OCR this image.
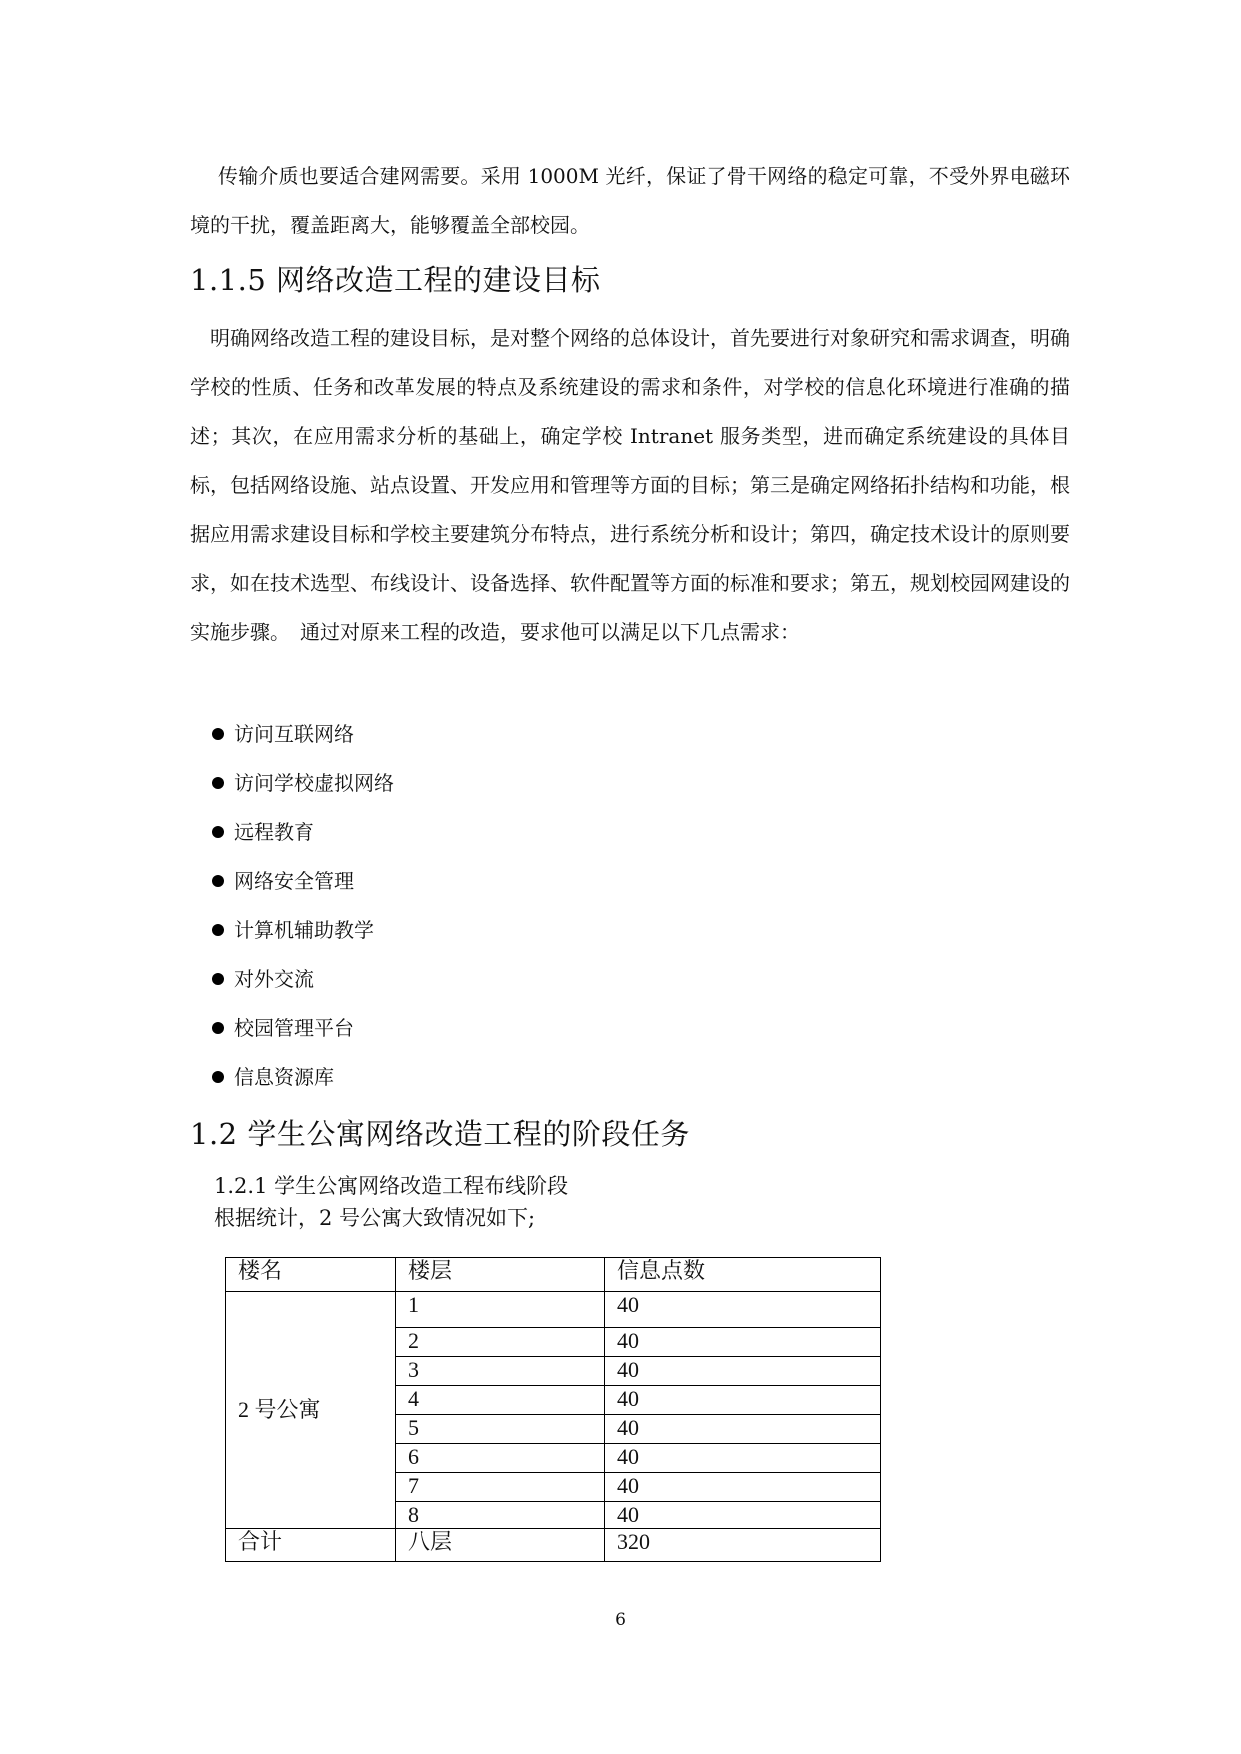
传输介质也要适合建网需要。采用 1000M 光纤，保证了骨干网络的稳定可靠，不受外界电磁环境的干扰，覆盖距离大，能够覆盖全部校园。

1.1.5 网络改造工程的建设目标

明确网络改造工程的建设目标，是对整个网络的总体设计，首先要进行对象研究和需求调查，明确学校的性质、任务和改革发展的特点及系统建设的需求和条件，对学校的信息化环境进行准确的描述；其次，在应用需求分析的基础上，确定学校 Intranet 服务类型，进而确定系统建设的具体目标，包括网络设施、站点设置、开发应用和管理等方面的目标；第三是确定网络拓扑结构和功能，根据应用需求建设目标和学校主要建筑分布特点，进行系统分析和设计；第四，确定技术设计的原则要求，如在技术选型、布线设计、设备选择、软件配置等方面的标准和要求；第五，规划校园网建设的实施步骤。　通过对原来工程的改造，要求他可以满足以下几点需求：

访问互联网络
访问学校虚拟网络
远程教育
网络安全管理
计算机辅助教学
对外交流
校园管理平台
信息资源库
1.2 学生公寓网络改造工程的阶段任务

1.2.1 学生公寓网络改造工程布线阶段

根据统计，2 号公寓大致情况如下;

楼名	楼层	信息点数
2 号公寓	1	40
	2	40
	3	40
	4	40
	5	40
	6	40
	7	40
	8	40
合计	八层	320

6
